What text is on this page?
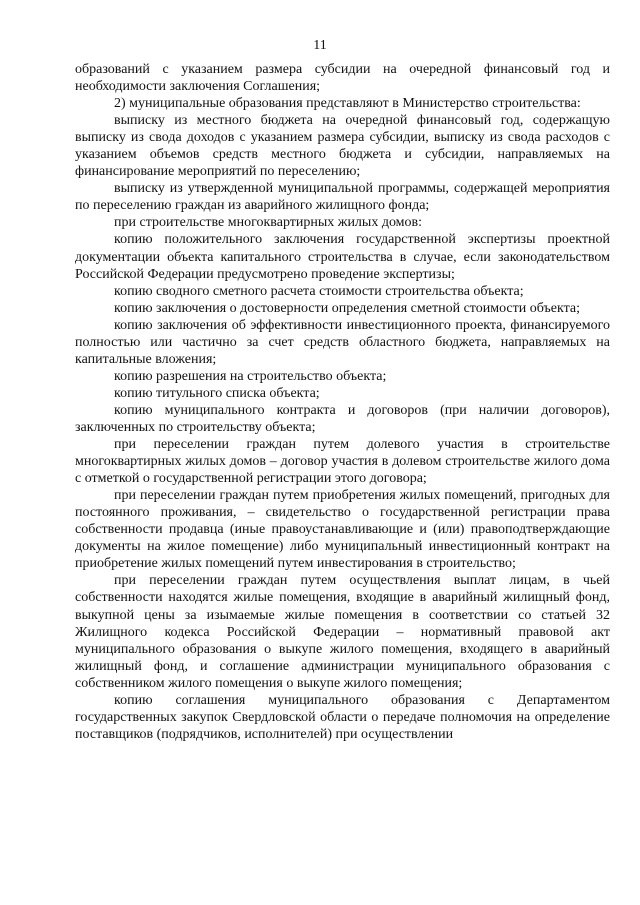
11

образований с указанием размера субсидии на очередной финансовый год и необходимости заключения Соглашения;

2) муниципальные образования представляют в Министерство строительства:

выписку из местного бюджета на очередной финансовый год, содержащую выписку из свода доходов с указанием размера субсидии, выписку из свода расходов с указанием объемов средств местного бюджета и субсидии, направляемых на финансирование мероприятий по переселению;

выписку из утвержденной муниципальной программы, содержащей мероприятия по переселению граждан из аварийного жилищного фонда;

при строительстве многоквартирных жилых домов:

копию положительного заключения государственной экспертизы проектной документации объекта капитального строительства в случае, если законодательством Российской Федерации предусмотрено проведение экспертизы;

копию сводного сметного расчета стоимости строительства объекта;

копию заключения о достоверности определения сметной стоимости объекта;

копию заключения об эффективности инвестиционного проекта, финансируемого полностью или частично за счет средств областного бюджета, направляемых на капитальные вложения;

копию разрешения на строительство объекта;

копию титульного списка объекта;

копию муниципального контракта и договоров (при наличии договоров), заключенных по строительству объекта;

при переселении граждан путем долевого участия в строительстве многоквартирных жилых домов – договор участия в долевом строительстве жилого дома с отметкой о государственной регистрации этого договора;

при переселении граждан путем приобретения жилых помещений, пригодных для постоянного проживания, – свидетельство о государственной регистрации права собственности продавца (иные правоустанавливающие и (или) правоподтверждающие документы на жилое помещение) либо муниципальный инвестиционный контракт на приобретение жилых помещений путем инвестирования в строительство;

при переселении граждан путем осуществления выплат лицам, в чьей собственности находятся жилые помещения, входящие в аварийный жилищный фонд, выкупной цены за изымаемые жилые помещения в соответствии со статьей 32 Жилищного кодекса Российской Федерации – нормативный правовой акт муниципального образования о выкупе жилого помещения, входящего в аварийный жилищный фонд, и соглашение администрации муниципального образования с собственником жилого помещения о выкупе жилого помещения;

копию соглашения муниципального образования с Департаментом государственных закупок Свердловской области о передаче полномочия на определение поставщиков (подрядчиков, исполнителей) при осуществлении
